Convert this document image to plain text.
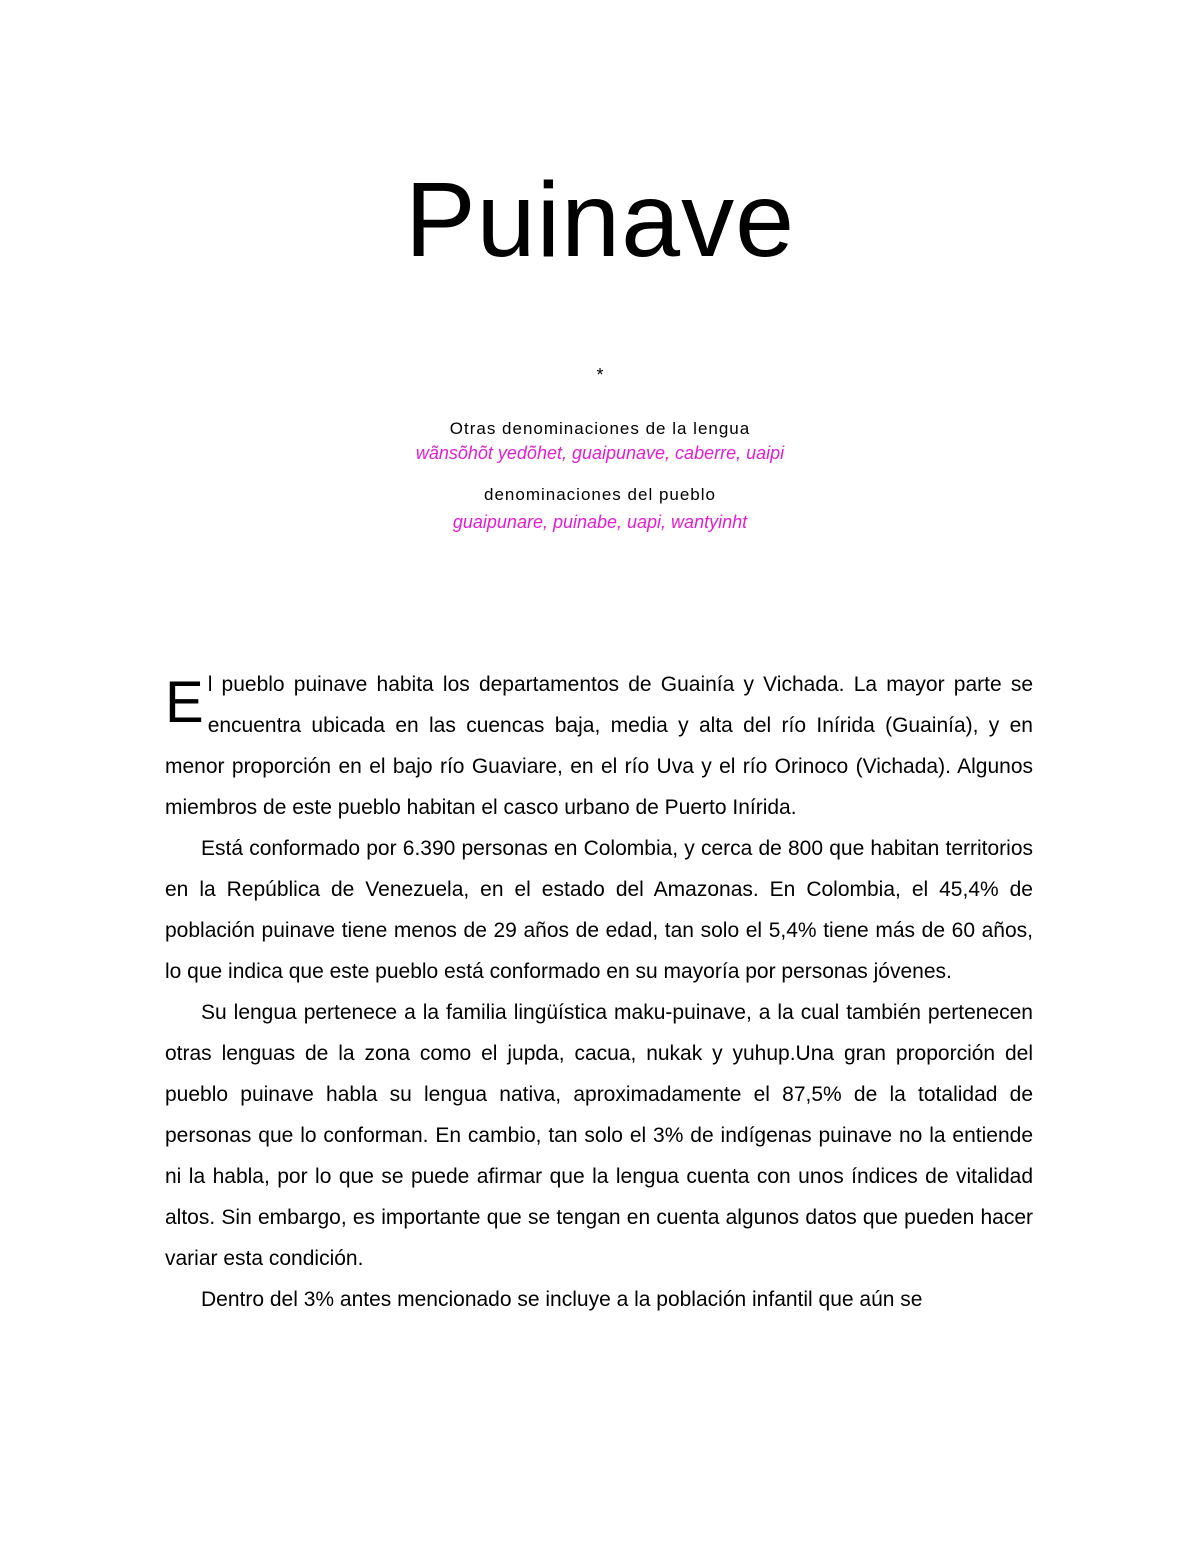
Puinave
*
Otras denominaciones de la lengua
wãnsõhõt yedõhet, guaipunave, caberre, uaipi
denominaciones del pueblo
guaipunare, puinabe, uapi, wantyinht

El pueblo puinave habita los departamentos de Guainía y Vichada. La mayor parte se encuentra ubicada en las cuencas baja, media y alta del río Inírida (Guainía), y en menor proporción en el bajo río Guaviare, en el río Uva y el río Orinoco (Vichada). Algunos miembros de este pueblo habitan el casco urbano de Puerto Inírida.

Está conformado por 6.390 personas en Colombia, y cerca de 800 que habitan territorios en la República de Venezuela, en el estado del Amazonas. En Colombia, el 45,4% de población puinave tiene menos de 29 años de edad, tan solo el 5,4% tiene más de 60 años, lo que indica que este pueblo está conformado en su mayoría por personas jóvenes.

Su lengua pertenece a la familia lingüística maku-puinave, a la cual también pertenecen otras lenguas de la zona como el jupda, cacua, nukak y yuhup.Una gran proporción del pueblo puinave habla su lengua nativa, aproximadamente el 87,5% de la totalidad de personas que lo conforman. En cambio, tan solo el 3% de indígenas puinave no la entiende ni la habla, por lo que se puede afirmar que la lengua cuenta con unos índices de vitalidad altos. Sin embargo, es importante que se tengan en cuenta algunos datos que pueden hacer variar esta condición.

Dentro del 3% antes mencionado se incluye a la población infantil que aún se
